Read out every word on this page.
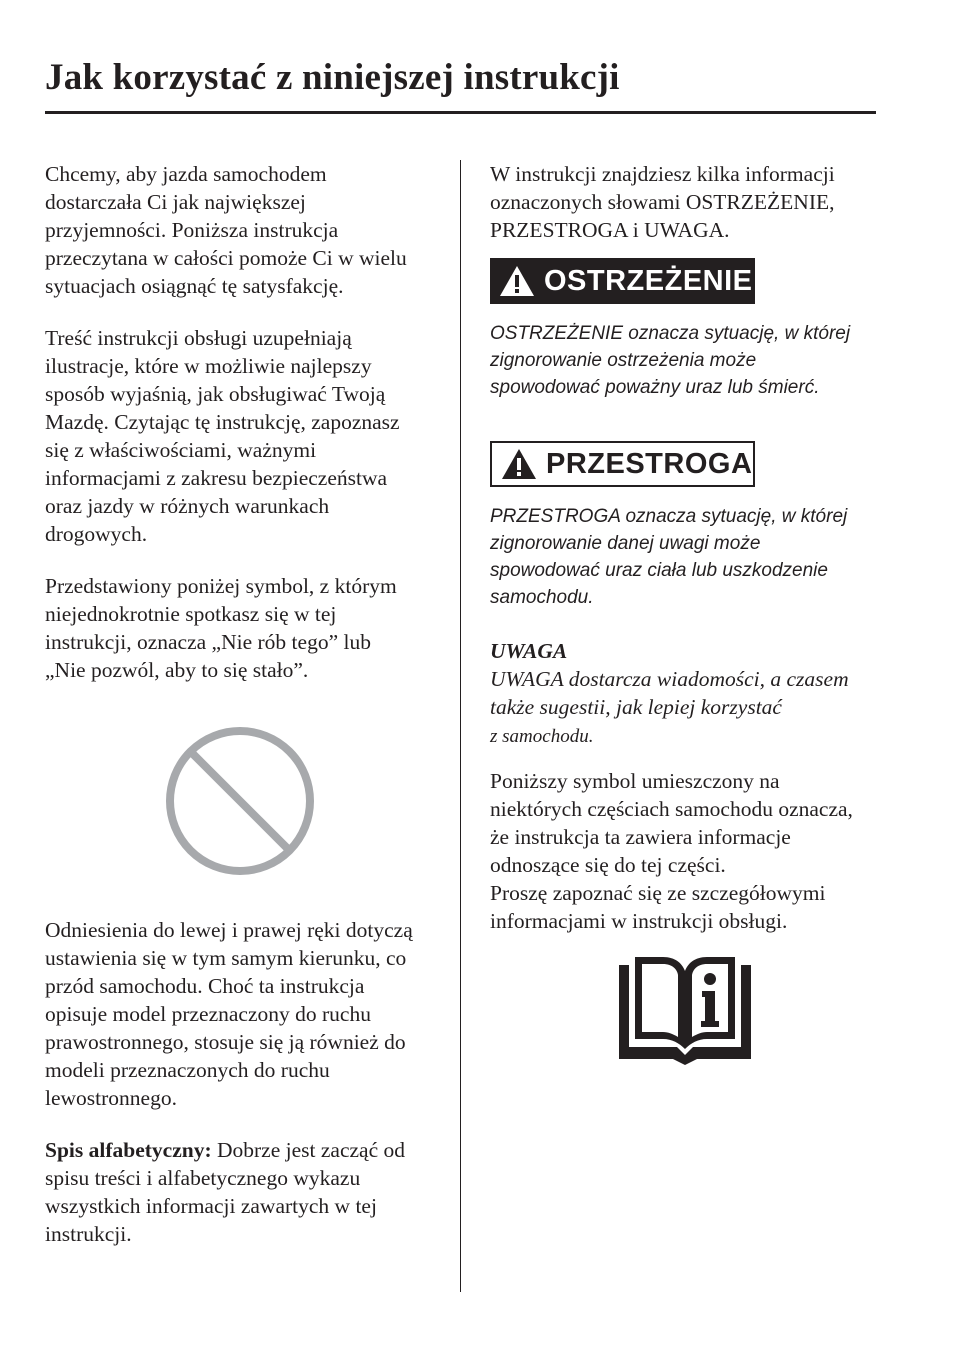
Jak korzystać z niniejszej instrukcji

Chcemy, aby jazda samochodem
dostarczała Ci jak największej
przyjemności. Poniższa instrukcja
przeczytana w całości pomoże Ci w wielu
sytuacjach osiągnąć tę satysfakcję.

Treść instrukcji obsługi uzupełniają
ilustracje, które w możliwie najlepszy
sposób wyjaśnią, jak obsługiwać Twoją
Mazdę. Czytając tę instrukcję, zapoznasz
się z właściwościami, ważnymi
informacjami z zakresu bezpieczeństwa
oraz jazdy w różnych warunkach
drogowych.

Przedstawiony poniżej symbol, z którym
niejednokrotnie spotkasz się w tej
instrukcji, oznacza „Nie rób tego” lub
„Nie pozwól, aby to się stało”.

Odniesienia do lewej i prawej ręki dotyczą
ustawienia się w tym samym kierunku, co
przód samochodu. Choć ta instrukcja
opisuje model przeznaczony do ruchu
prawostronnego, stosuje się ją również do
modeli przeznaczonych do ruchu
lewostronnego.

Spis alfabetyczny: Dobrze jest zacząć od
spisu treści i alfabetycznego wykazu
wszystkich informacji zawartych w tej
instrukcji.

W instrukcji znajdziesz kilka informacji
oznaczonych słowami OSTRZEŻENIE,
PRZESTROGA i UWAGA.

OSTRZEŻENIE

OSTRZEŻENIE oznacza sytuację, w której
zignorowanie ostrzeżenia może
spowodować poważny uraz lub śmierć.

PRZESTROGA

PRZESTROGA oznacza sytuację, w której
zignorowanie danej uwagi może
spowodować uraz ciała lub uszkodzenie
samochodu.

UWAGA

UWAGA dostarcza wiadomości, a czasem
także sugestii, jak lepiej korzystać
z samochodu.

Poniższy symbol umieszczony na
niektórych częściach samochodu oznacza,
że instrukcja ta zawiera informacje
odnoszące się do tej części.
Proszę zapoznać się ze szczegółowymi
informacjami w instrukcji obsługi.
